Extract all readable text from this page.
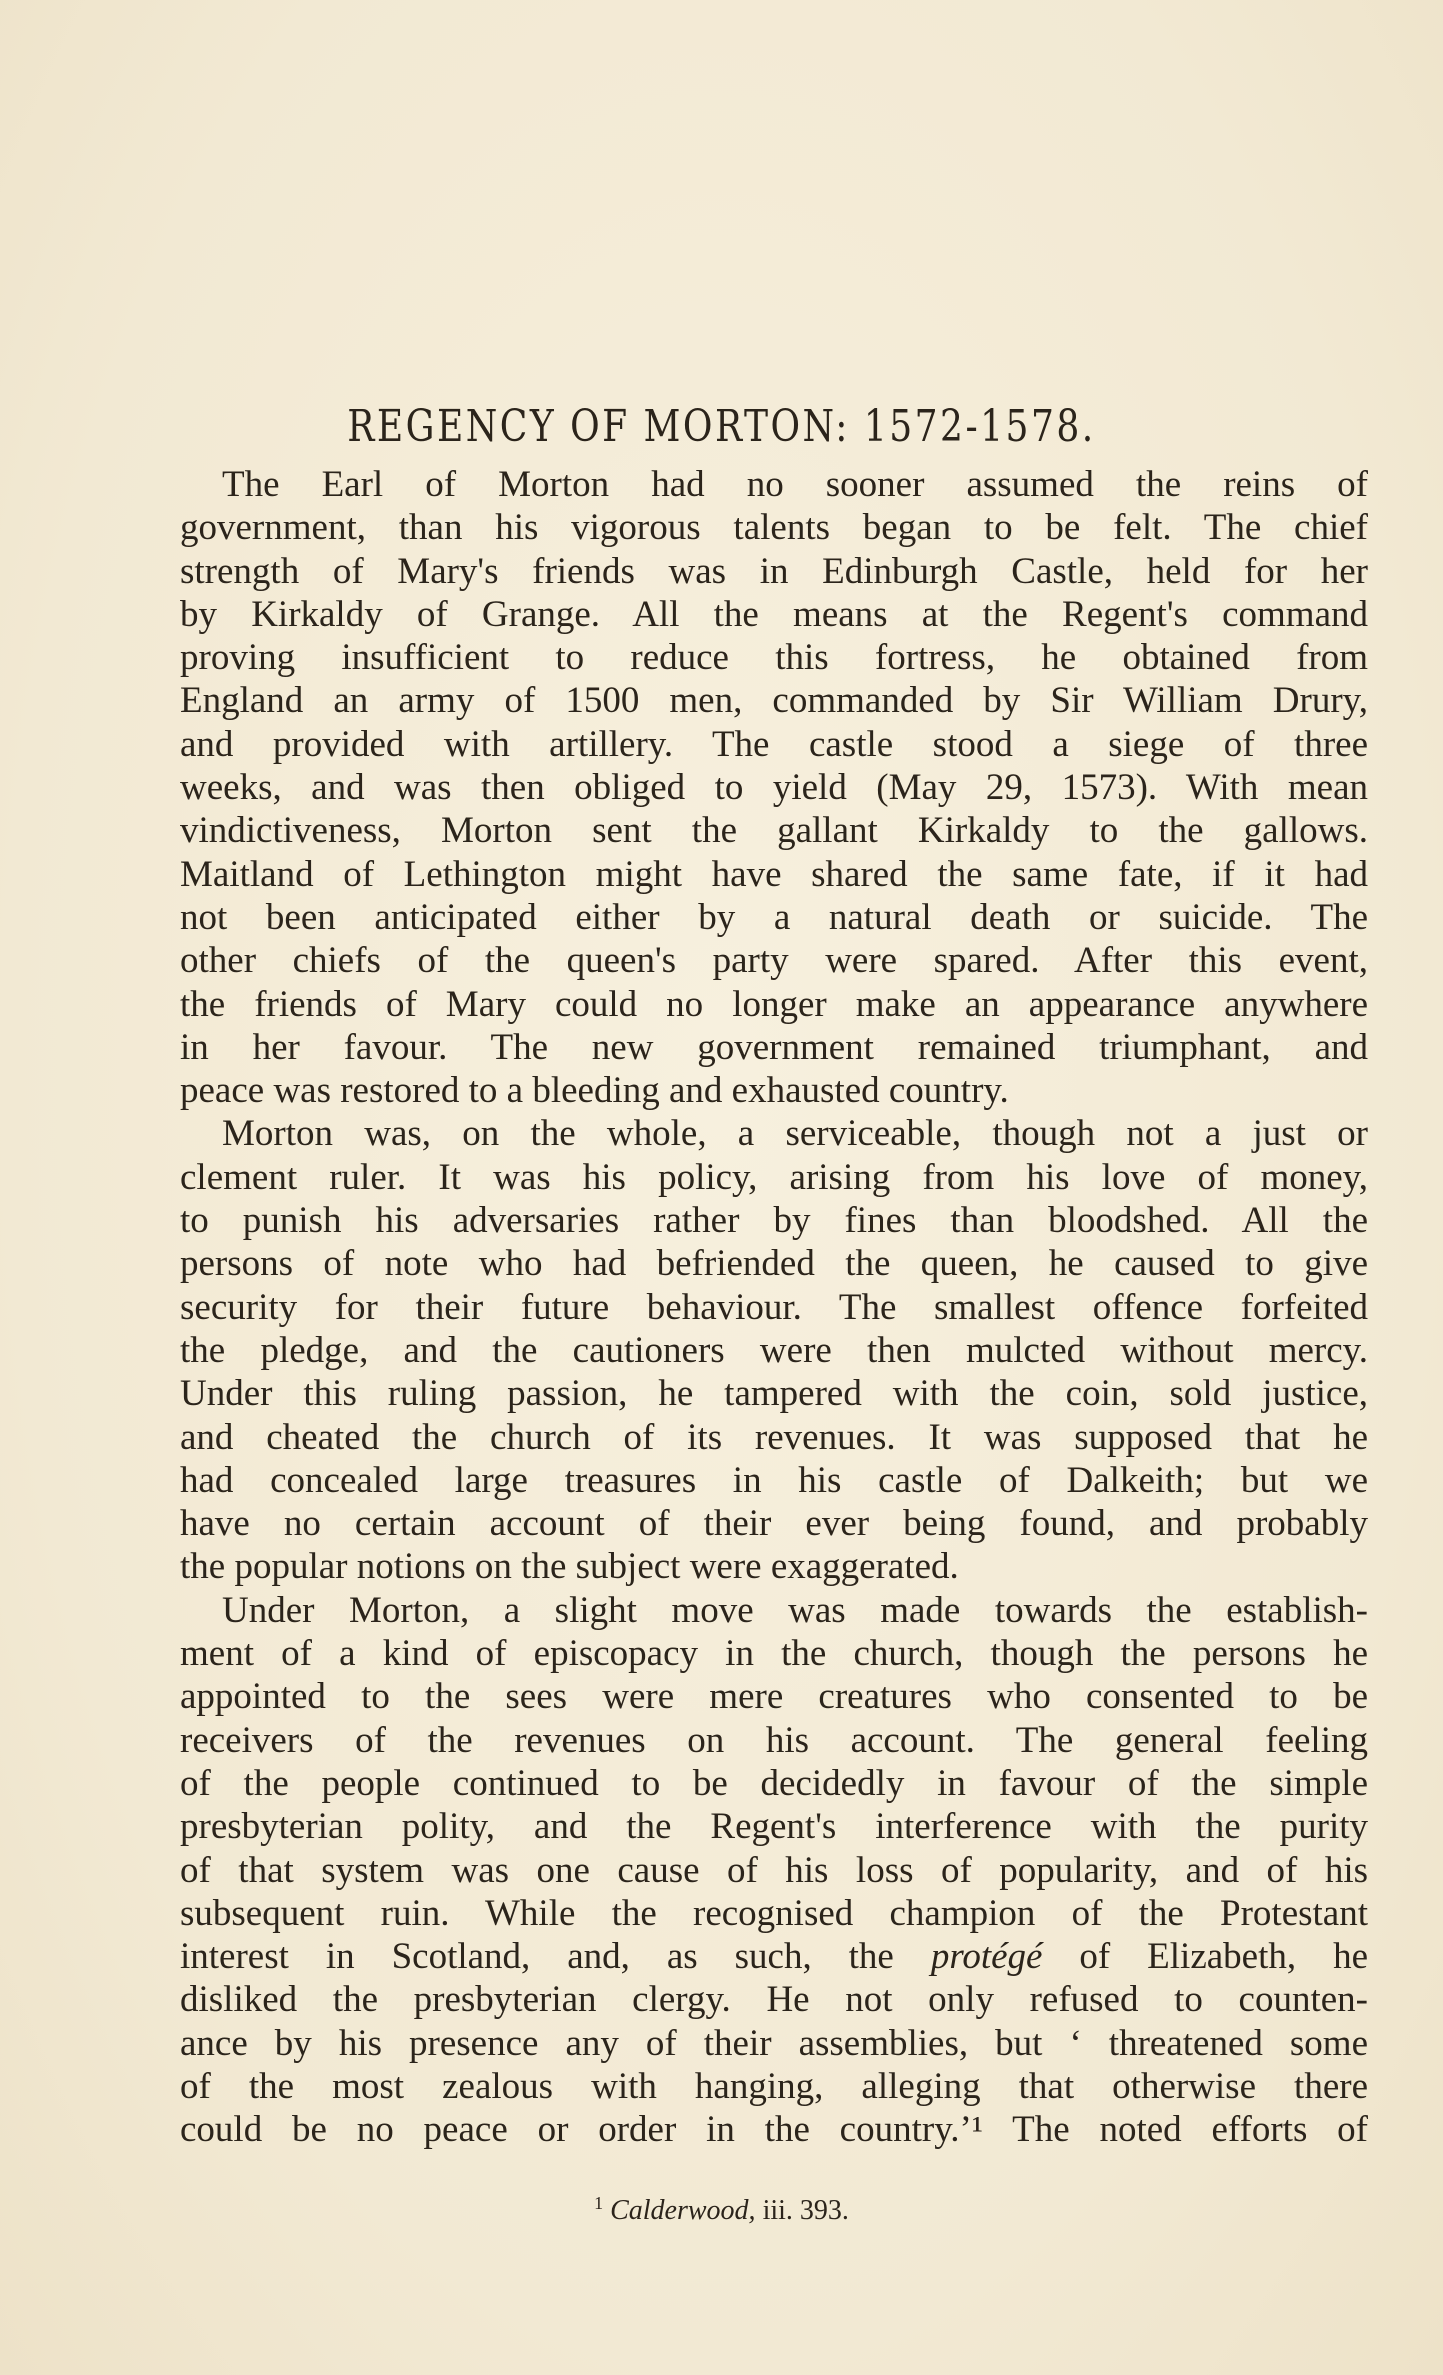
REGENCY OF MORTON: 1572-1578.
The Earl of Morton had no sooner assumed the reins of
government, than his vigorous talents began to be felt. The chief
strength of Mary's friends was in Edinburgh Castle, held for her
by Kirkaldy of Grange. All the means at the Regent's command
proving insufficient to reduce this fortress, he obtained from
England an army of 1500 men, commanded by Sir William Drury,
and provided with artillery. The castle stood a siege of three
weeks, and was then obliged to yield (May 29, 1573). With mean
vindictiveness, Morton sent the gallant Kirkaldy to the gallows.
Maitland of Lethington might have shared the same fate, if it had
not been anticipated either by a natural death or suicide. The
other chiefs of the queen's party were spared. After this event,
the friends of Mary could no longer make an appearance anywhere
in her favour. The new government remained triumphant, and
peace was restored to a bleeding and exhausted country.
Morton was, on the whole, a serviceable, though not a just or
clement ruler. It was his policy, arising from his love of money,
to punish his adversaries rather by fines than bloodshed. All the
persons of note who had befriended the queen, he caused to give
security for their future behaviour. The smallest offence forfeited
the pledge, and the cautioners were then mulcted without mercy.
Under this ruling passion, he tampered with the coin, sold justice,
and cheated the church of its revenues. It was supposed that he
had concealed large treasures in his castle of Dalkeith; but we
have no certain account of their ever being found, and probably
the popular notions on the subject were exaggerated.
Under Morton, a slight move was made towards the establish-
ment of a kind of episcopacy in the church, though the persons he
appointed to the sees were mere creatures who consented to be
receivers of the revenues on his account. The general feeling
of the people continued to be decidedly in favour of the simple
presbyterian polity, and the Regent's interference with the purity
of that system was one cause of his loss of popularity, and of his
subsequent ruin. While the recognised champion of the Protestant
interest in Scotland, and, as such, the protégé of Elizabeth, he
disliked the presbyterian clergy. He not only refused to counten-
ance by his presence any of their assemblies, but ‘ threatened some
of the most zealous with hanging, alleging that otherwise there
could be no peace or order in the country.’¹ The noted efforts of
$^1$ Calderwood, iii. 393.
